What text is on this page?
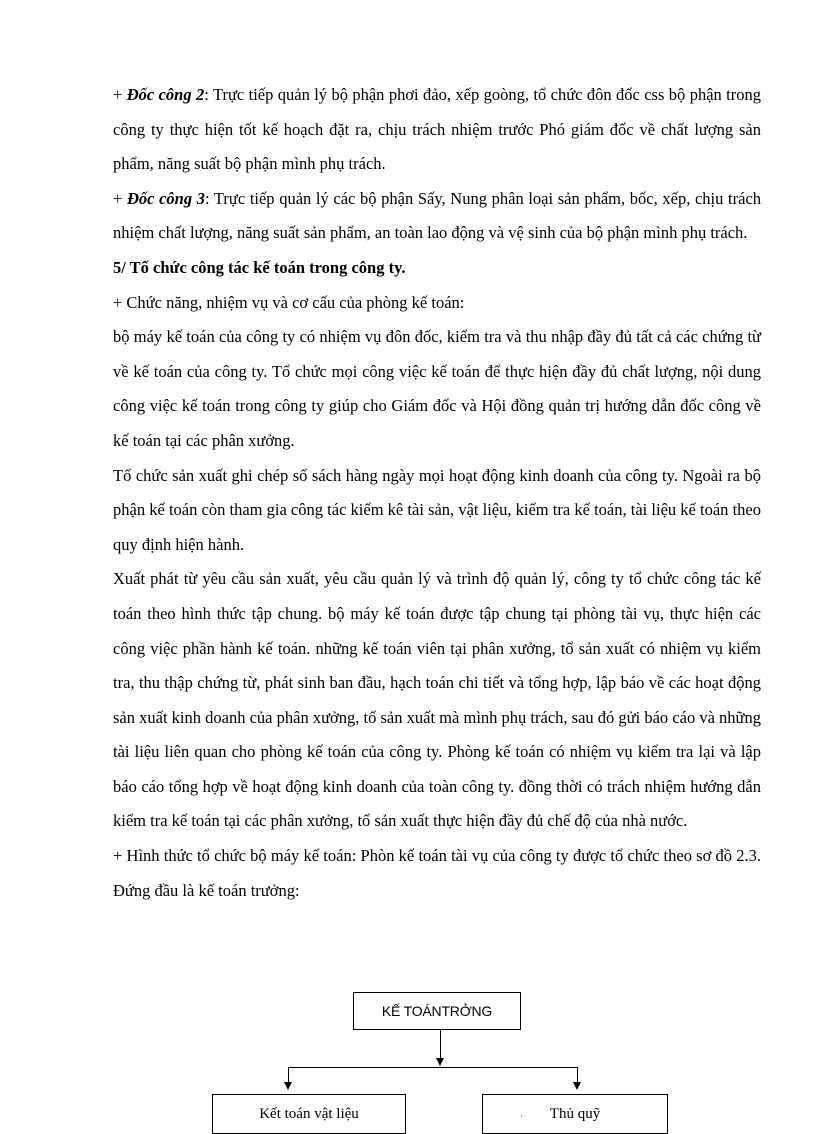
+ Đốc công 2: Trực tiếp quản lý bộ phận phơi đảo, xếp goòng, tổ chức đôn đốc css bộ phận trong công ty thực hiện tốt kế hoạch đặt ra, chịu trách nhiệm trước Phó giám đốc về chất lượng sản phẩm, năng suất bộ phận mình phụ trách.

+ Đốc công 3: Trực tiếp quản lý các bộ phận Sấy, Nung phân loại sản phẩm, bốc, xếp, chịu trách nhiệm chất lượng, năng suất sản phẩm, an toàn lao động và vệ sinh của bộ phận mình phụ trách.

5/ Tổ chức công tác kế toán trong công ty.

+ Chức năng, nhiệm vụ và cơ cấu của phòng kế toán:

bộ máy kế toán của công ty có nhiệm vụ đôn đốc, kiểm tra và thu nhập đầy đủ tất cả các chứng từ về kế toán của công ty. Tổ chức mọi công việc kế toán để thực hiện đầy đủ chất lượng, nội dung công việc kế toán trong công ty giúp cho Giám đốc và Hội đồng quản trị hướng dẫn đốc công về kế toán tại các phân xưởng.

Tổ chức sản xuất ghi chép sổ sách hàng ngày mọi hoạt động kinh doanh của công ty. Ngoài ra bộ phận kế toán còn tham gia công tác kiểm kê tài sản, vật liệu, kiểm tra kế toán, tài liệu kế toán theo quy định hiện hành.

Xuất phát từ yêu cầu sản xuất, yêu cầu quản lý và trình độ quản lý, công ty tổ chức công tác kế toán theo hình thức tập chung. bộ máy kế toán được tập chung tại phòng tài vụ, thực hiện các công việc phần hành kế toán. những kế toán viên tại phân xưởng, tổ sản xuất có nhiệm vụ kiểm tra, thu thập chứng từ, phát sinh ban đầu, hạch toán chi tiết và tổng hợp, lập báo về các hoạt động sản xuất kinh doanh của phân xưởng, tổ sản xuất mà mình phụ trách, sau đó gửi báo cáo và những tài liệu liên quan cho phòng kế toán của công ty. Phòng kế toán có nhiệm vụ kiểm tra lại và lập báo cáo tổng hợp về hoạt động kinh doanh của toàn công ty. đồng thời có trách nhiệm hướng dẫn kiểm tra kế toán tại các phân xưởng, tổ sản xuất thực hiện đầy đủ chế độ của nhà nước.

+ Hình thức tổ chức bộ máy kế toán: Phòn kế toán tài vụ của công ty được tổ chức theo sơ đồ 2.3. Đứng đầu là kế toán trưởng:

KẾ TOÁNTRỞNG
Kết toán vật liệu	Thủ quỹ
˒
